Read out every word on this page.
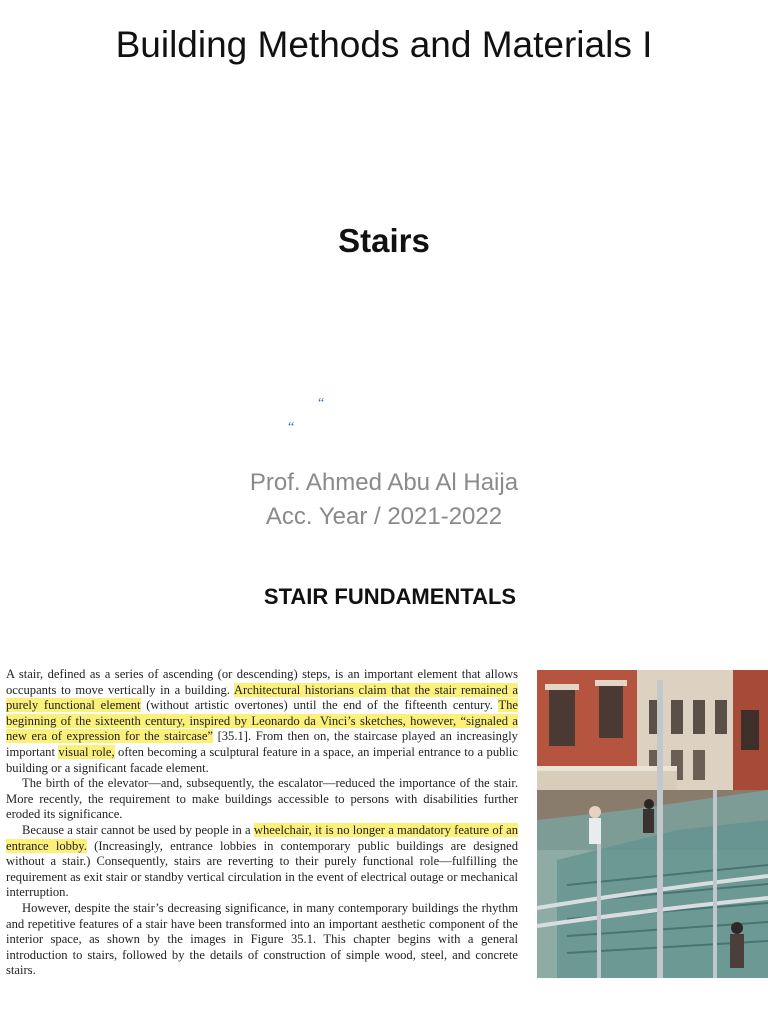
Building Methods and Materials I
Stairs
“
“
Prof. Ahmed Abu Al Haija
Acc. Year / 2021-2022
STAIR FUNDAMENTALS

A stair, defined as a series of ascending (or descending) steps, is an important element that allows occupants to move vertically in a building. Architectural historians claim that the stair remained a purely functional element (without artistic overtones) until the end of the fifteenth century. The beginning of the sixteenth century, inspired by Leonardo da Vinci’s sketches, however, “signaled a new era of expression for the staircase” [35.1]. From then on, the staircase played an increasingly important visual role, often becoming a sculptural feature in a space, an imperial entrance to a public building or a significant facade element.

The birth of the elevator—and, subsequently, the escalator—reduced the importance of the stair. More recently, the requirement to make buildings accessible to persons with disabilities further eroded its significance.

Because a stair cannot be used by people in a wheelchair, it is no longer a mandatory feature of an entrance lobby. (Increasingly, entrance lobbies in contemporary public buildings are designed without a stair.) Consequently, stairs are reverting to their purely functional role—fulfilling the requirement as exit stair or standby vertical circulation in the event of electrical outage or mechanical interruption.

However, despite the stair’s decreasing significance, in many contemporary buildings the rhythm and repetitive features of a stair have been transformed into an important aesthetic component of the interior space, as shown by the images in Figure 35.1. This chapter begins with a general introduction to stairs, followed by the details of construction of simple wood, steel, and concrete stairs.
